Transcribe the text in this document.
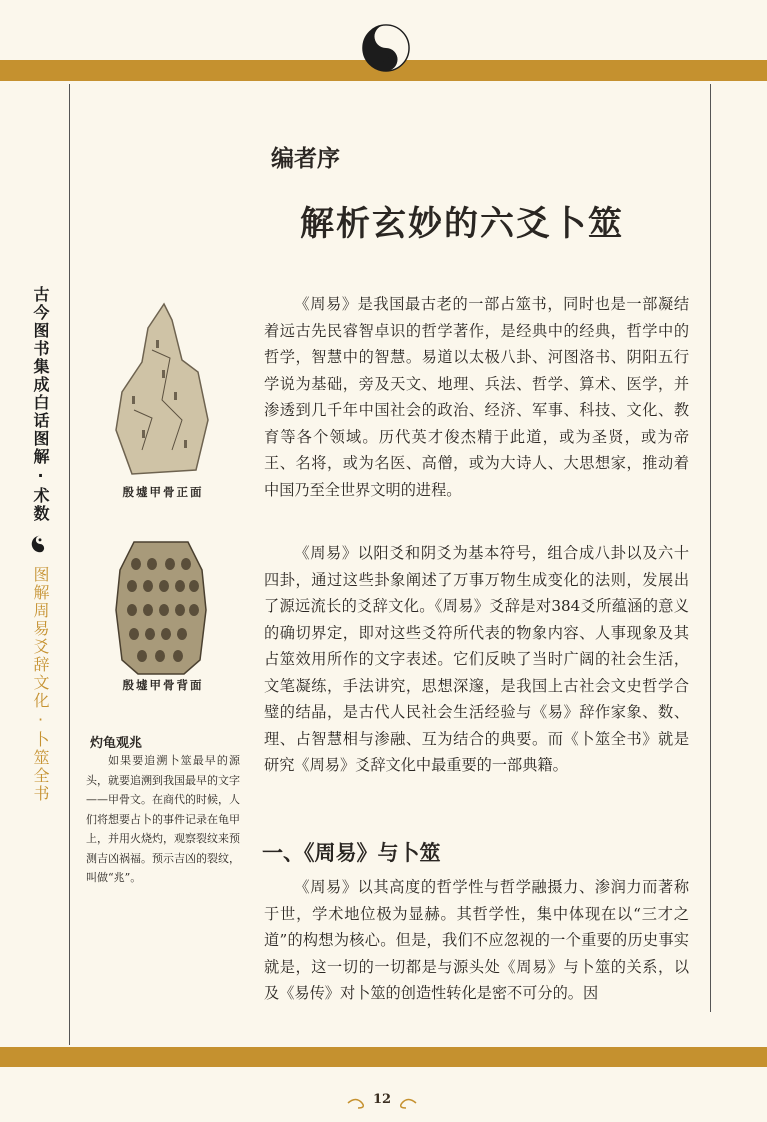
古今图书集成白话图解·术数
图解周易爻辞文化·卜筮全书
殷墟甲骨正面
殷墟甲骨背面
灼龟观兆
如果要追溯卜筮最早的源头，就要追溯到我国最早的文字——甲骨文。在商代的时候，人们将想要占卜的事件记录在龟甲上，并用火烧灼，观察裂纹来预测吉凶祸福。预示吉凶的裂纹，叫做“兆”。
编者序
解析玄妙的六爻卜筮

《周易》是我国最古老的一部占筮书，同时也是一部凝结着远古先民睿智卓识的哲学著作，是经典中的经典，哲学中的哲学，智慧中的智慧。易道以太极八卦、河图洛书、阴阳五行学说为基础，旁及天文、地理、兵法、哲学、算术、医学，并渗透到几千年中国社会的政治、经济、军事、科技、文化、教育等各个领域。历代英才俊杰精于此道，或为圣贤，或为帝王、名将，或为名医、高僧，或为大诗人、大思想家，推动着中国乃至全世界文明的进程。

《周易》以阳爻和阴爻为基本符号，组合成八卦以及六十四卦，通过这些卦象阐述了万事万物生成变化的法则，发展出了源远流长的爻辞文化。《周易》爻辞是对384爻所蕴涵的意义的确切界定，即对这些爻符所代表的物象内容、人事现象及其占筮效用所作的文字表述。它们反映了当时广阔的社会生活，文笔凝练，手法讲究，思想深邃，是我国上古社会文史哲学合璧的结晶，是古代人民社会生活经验与《易》辞作家象、数、理、占智慧相与渗融、互为结合的典要。而《卜筮全书》就是研究《周易》爻辞文化中最重要的一部典籍。

一、《周易》与卜筮

《周易》以其高度的哲学性与哲学融摄力、渗润力而著称于世，学术地位极为显赫。其哲学性，集中体现在以“三才之道”的构想为核心。但是，我们不应忽视的一个重要的历史事实就是，这一切的一切都是与源头处《周易》与卜筮的关系，以及《易传》对卜筮的创造性转化是密不可分的。因

12
